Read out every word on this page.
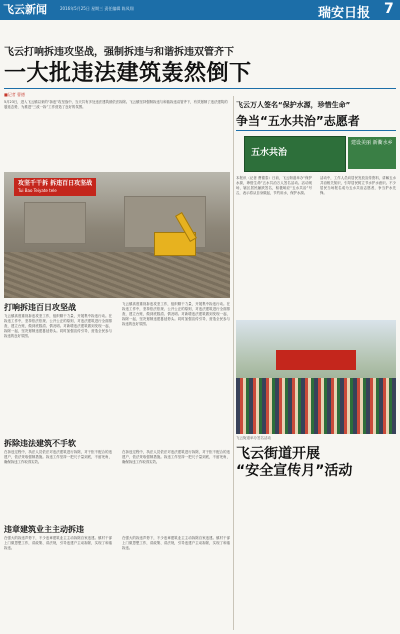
飞云新闻	2016年5月25日 星期三 责任编辑 陈凤翔	瑞安日报 7
飞云打响拆违攻坚战，强制拆违与和谐拆违双管齐下
一大批违法建筑轰然倒下
■记者 曹德
5月23日，进入飞云镇以来的“拆违”攻坚战中，当天共有多处违法建筑被依法拆除。飞云镇坚持强制拆违与和谐拆违双管齐下，有效遏制了违法建筑的蔓延态势，为推进“三改一拆”工作营造了良好的氛围。
攻坚千干拆 拆违百日攻坚战
Tui Bao Teiyate tele
打响拆违百日攻坚战
飞云镇高度重视拆违攻坚工作，组织精干力量，开展集中拆违行动。在拆违工作中，坚持依法依规、公开公正的原则，对违法建筑进行全面排查，建立台账，做到底数清、情况明。对新增违法建筑做到发现一起、拆除一起，坚决遏制违建蔓延势头。同时加强宣传引导，营造全民参与拆违的良好氛围。
飞云镇高度重视拆违攻坚工作，组织精干力量，开展集中拆违行动。在拆违工作中，坚持依法依规、公开公正的原则，对违法建筑进行全面排查，建立台账，做到底数清、情况明。对新增违法建筑做到发现一起、拆除一起，坚决遏制违建蔓延势头。同时加强宣传引导，营造全民参与拆违的良好氛围。
拆除违法建筑不手软
在拆违过程中，执法人员依法对违法建筑进行拆除，对于拒不配合的违建户，依法采取强制措施。拆违工作坚持一把尺子量到底，不留死角，确保拆违工作取得实效。
在拆违过程中，执法人员依法对违法建筑进行拆除，对于拒不配合的违建户，依法采取强制措施。拆违工作坚持一把尺子量到底，不留死角，确保拆违工作取得实效。
违章建筑业主主动拆违
在强大的拆违声势下，不少违章建筑业主主动拆除自家违建。镇村干部上门做思想工作，讲政策、讲法规，引导违建户主动拆除，实现了和谐拆违。
在强大的拆违声势下，不少违章建筑业主主动拆除自家违建。镇村干部上门做思想工作，讲政策、讲法规，引导违建户主动拆除，实现了和谐拆违。
飞云万人签名“保护水源，珍惜生命”
争当“五水共治”志愿者
五水共治
建设美丽 新衢水乡
本报讯（记者 曹德泰）日前，飞云街道举办“保护水源，珍惜生命”五水共治万人签名活动。活动现场，辖区居民踊跃签名，积极响应“五水共治”号召，表示将从自身做起，节约用水，保护水源。
活动中，工作人员向居民发放宣传资料，讲解五水共治相关知识，引导居民树立节水护水意识。不少居民当场报名成为五水共治志愿者，争当护水先锋。
飞云街道举办签名活动
飞云街道开展
“安全宣传月”活动
